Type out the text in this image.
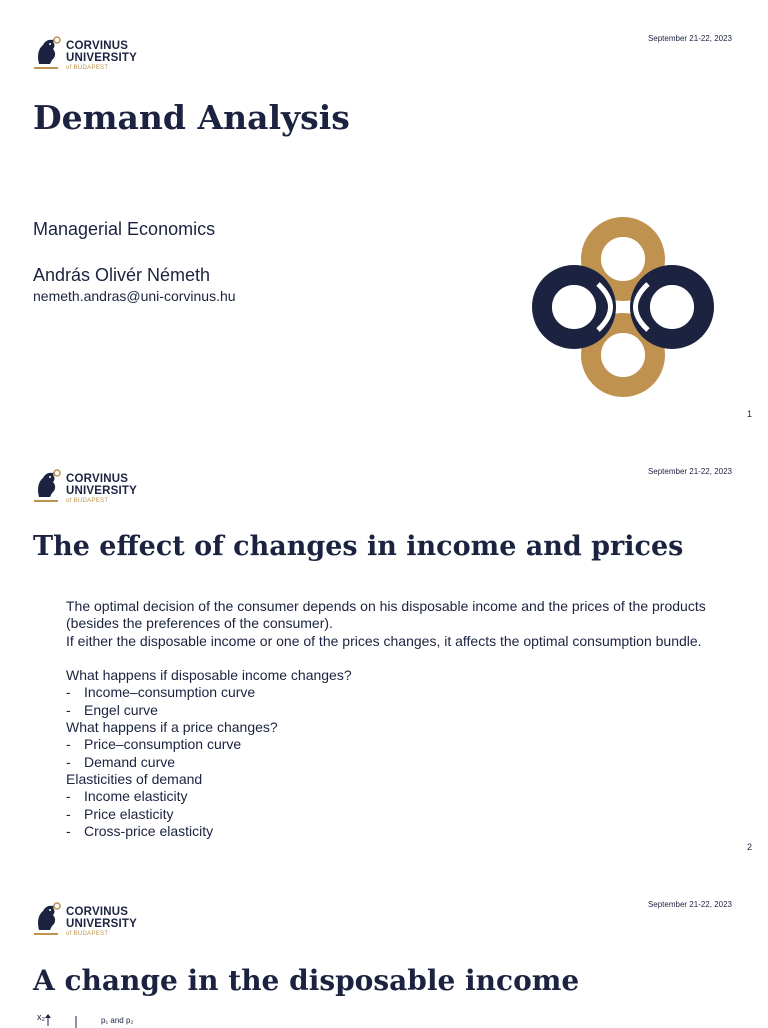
CORVINUS
UNIVERSITY
of BUDAPEST
September 21-22, 2023
Demand Analysis
Managerial Economics
András Olivér Németh
nemeth.andras@uni-corvinus.hu
1
CORVINUS
UNIVERSITY
of BUDAPEST
September 21-22, 2023
The effect of changes in income and prices
2

The optimal decision of the consumer depends on his disposable income and the prices of the products

(besides the preferences of the consumer).

If either the disposable income or one of the prices changes, it affects the optimal consumption bundle.

What happens if disposable income changes?

- Income–consumption curve
- Engel curve

What happens if a price changes?

- Price–consumption curve
- Demand curve

Elasticities of demand

- Income elasticity
- Price elasticity
- Cross-price elasticity
CORVINUS
UNIVERSITY
of BUDAPEST
September 21-22, 2023
A change in the disposable income
x₂	p₁ and p₂
